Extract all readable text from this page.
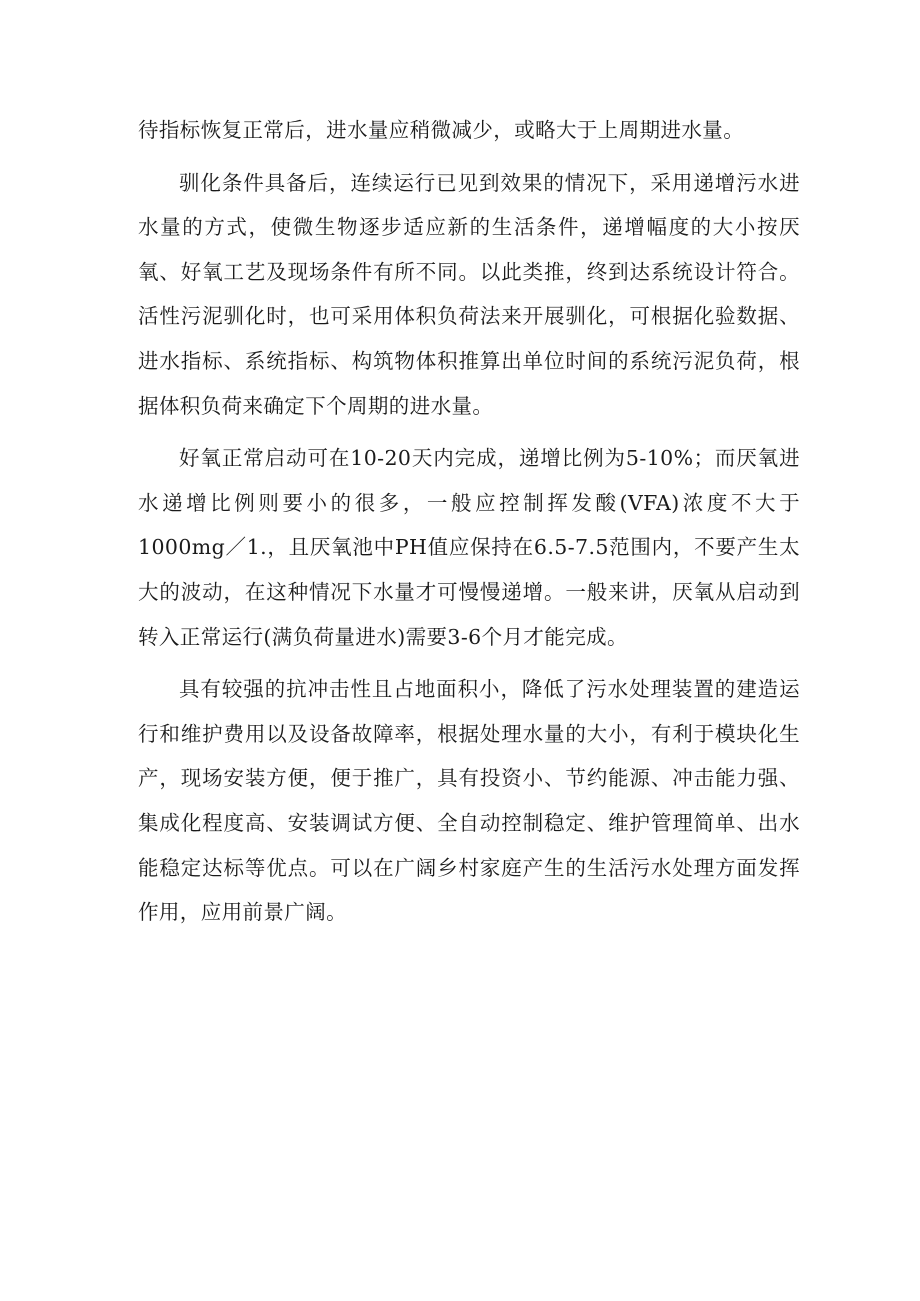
待指标恢复正常后，进水量应稍微减少，或略大于上周期进水量。

驯化条件具备后，连续运行已见到效果的情况下，采用递增污水进水量的方式，使微生物逐步适应新的生活条件，递增幅度的大小按厌氧、好氧工艺及现场条件有所不同。以此类推，终到达系统设计符合。活性污泥驯化时，也可采用体积负荷法来开展驯化，可根据化验数据、进水指标、系统指标、构筑物体积推算出单位时间的系统污泥负荷，根据体积负荷来确定下个周期的进水量。

好氧正常启动可在10-20天内完成，递增比例为5-10%；而厌氧进水递增比例则要小的很多，一般应控制挥发酸(VFA)浓度不大于1000mg／1.，且厌氧池中PH值应保持在6.5-7.5范围内，不要产生太大的波动，在这种情况下水量才可慢慢递增。一般来讲，厌氧从启动到转入正常运行(满负荷量进水)需要3-6个月才能完成。

具有较强的抗冲击性且占地面积小，降低了污水处理装置的建造运行和维护费用以及设备故障率，根据处理水量的大小，有利于模块化生产，现场安装方便，便于推广，具有投资小、节约能源、冲击能力强、集成化程度高、安装调试方便、全自动控制稳定、维护管理简单、出水能稳定达标等优点。可以在广阔乡村家庭产生的生活污水处理方面发挥作用，应用前景广阔。
